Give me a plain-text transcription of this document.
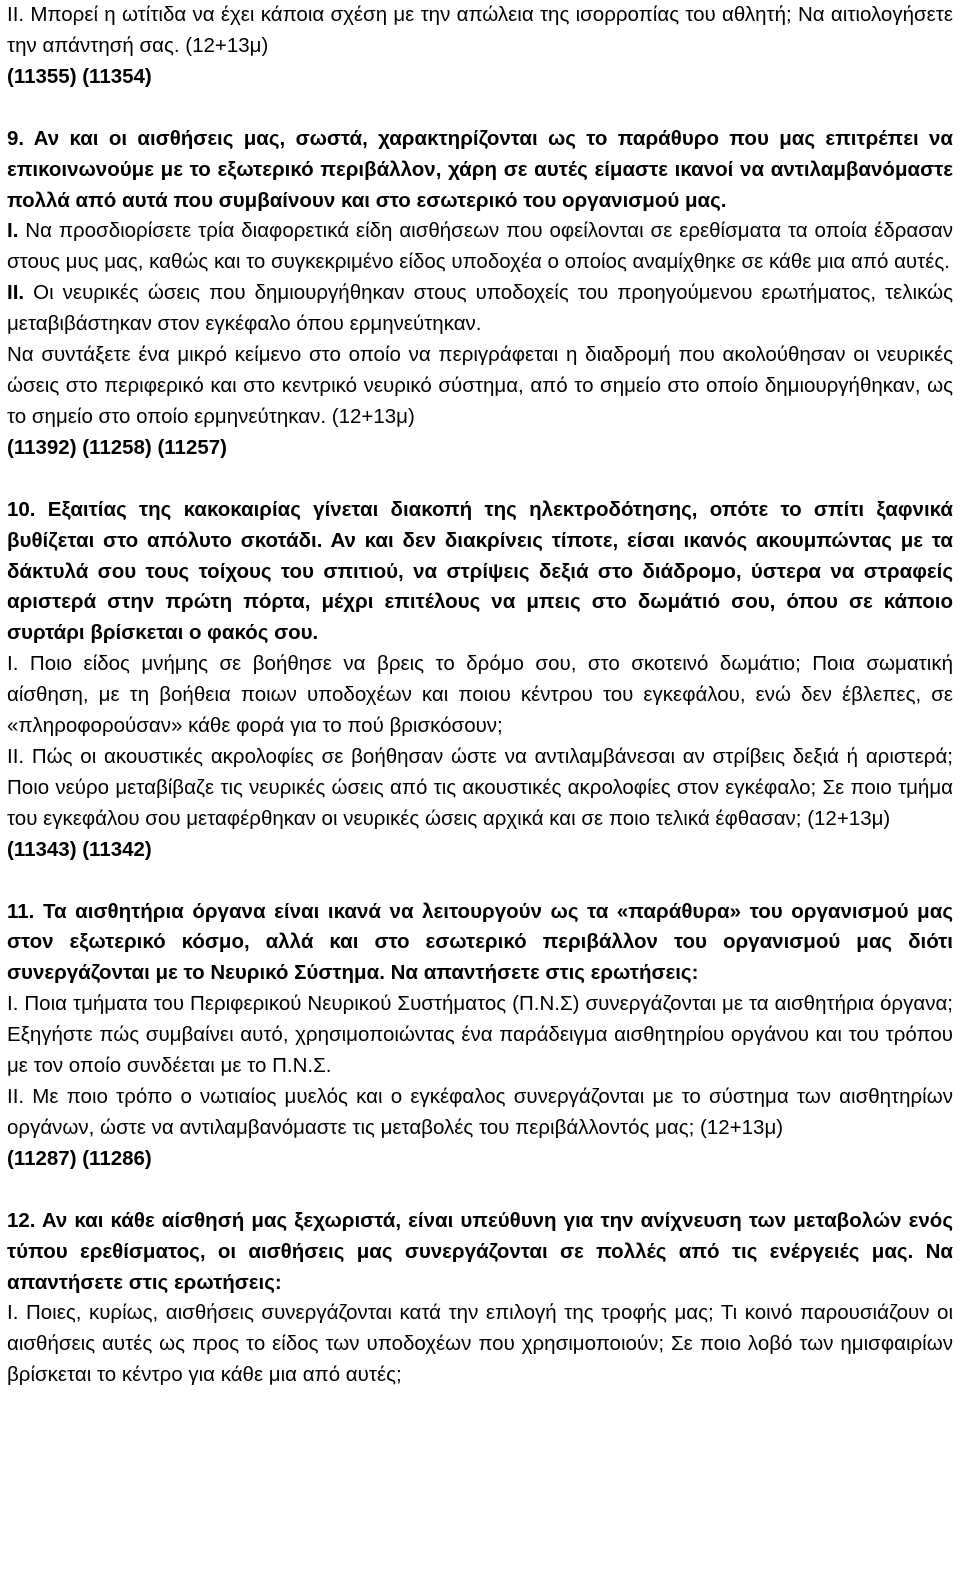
II. Μπορεί η ωτίτιδα να έχει κάποια σχέση με την απώλεια της ισορροπίας του αθλητή; Να αιτιολογήσετε την απάντησή σας. (12+13μ)

(11355) (11354)

9. Αν και οι αισθήσεις μας, σωστά, χαρακτηρίζονται ως το παράθυρο που μας επιτρέπει να επικοινωνούμε με το εξωτερικό περιβάλλον, χάρη σε αυτές είμαστε ικανοί να αντιλαμβανόμαστε πολλά από αυτά που συμβαίνουν και στο εσωτερικό του οργανισμού μας.

I. Να προσδιορίσετε τρία διαφορετικά είδη αισθήσεων που οφείλονται σε ερεθίσματα τα οποία έδρασαν στους μυς μας, καθώς και το συγκεκριμένο είδος υποδοχέα ο οποίος αναμίχθηκε σε κάθε μια από αυτές.

II. Οι νευρικές ώσεις που δημιουργήθηκαν στους υποδοχείς του προηγούμενου ερωτήματος, τελικώς μεταβιβάστηκαν στον εγκέφαλο όπου ερμηνεύτηκαν.

Να συντάξετε ένα μικρό κείμενο στο οποίο να περιγράφεται η διαδρομή που ακολούθησαν οι νευρικές ώσεις στο περιφερικό και στο κεντρικό νευρικό σύστημα, από το σημείο στο οποίο δημιουργήθηκαν, ως το σημείο στο οποίο ερμηνεύτηκαν. (12+13μ)

(11392) (11258) (11257)

10. Εξαιτίας της κακοκαιρίας γίνεται διακοπή της ηλεκτροδότησης, οπότε το σπίτι ξαφνικά βυθίζεται στο απόλυτο σκοτάδι. Αν και δεν διακρίνεις τίποτε, είσαι ικανός ακουμπώντας με τα δάκτυλά σου τους τοίχους του σπιτιού, να στρίψεις δεξιά στο διάδρομο, ύστερα να στραφείς αριστερά στην πρώτη πόρτα, μέχρι επιτέλους να μπεις στο δωμάτιό σου, όπου σε κάποιο συρτάρι βρίσκεται ο φακός σου.

I. Ποιο είδος μνήμης σε βοήθησε να βρεις το δρόμο σου, στο σκοτεινό δωμάτιο; Ποια σωματική αίσθηση, με τη βοήθεια ποιων υποδοχέων και ποιου κέντρου του εγκεφάλου, ενώ δεν έβλεπες, σε «πληροφορούσαν» κάθε φορά για το πού βρισκόσουν;

II. Πώς οι ακουστικές ακρολοφίες σε βοήθησαν ώστε να αντιλαμβάνεσαι αν στρίβεις δεξιά ή αριστερά; Ποιο νεύρο μεταβίβαζε τις νευρικές ώσεις από τις ακουστικές ακρολοφίες στον εγκέφαλο; Σε ποιο τμήμα του εγκεφάλου σου μεταφέρθηκαν οι νευρικές ώσεις αρχικά και σε ποιο τελικά έφθασαν; (12+13μ)

(11343) (11342)

11. Τα αισθητήρια όργανα είναι ικανά να λειτουργούν ως τα «παράθυρα» του οργανισμού μας στον εξωτερικό κόσμο, αλλά και στο εσωτερικό περιβάλλον του οργανισμού μας διότι συνεργάζονται με το Νευρικό Σύστημα. Να απαντήσετε στις ερωτήσεις:

I. Ποια τμήματα του Περιφερικού Νευρικού Συστήματος (Π.Ν.Σ) συνεργάζονται με τα αισθητήρια όργανα; Εξηγήστε πώς συμβαίνει αυτό, χρησιμοποιώντας ένα παράδειγμα αισθητηρίου οργάνου και του τρόπου με τον οποίο συνδέεται με το Π.Ν.Σ.

II. Με ποιο τρόπο ο νωτιαίος μυελός και ο εγκέφαλος συνεργάζονται με το σύστημα των αισθητηρίων οργάνων, ώστε να αντιλαμβανόμαστε τις μεταβολές του περιβάλλοντός μας; (12+13μ)

(11287) (11286)

12. Αν και κάθε αίσθησή μας ξεχωριστά, είναι υπεύθυνη για την ανίχνευση των μεταβολών ενός τύπου ερεθίσματος, οι αισθήσεις μας συνεργάζονται σε πολλές από τις ενέργειές μας. Να απαντήσετε στις ερωτήσεις:

I. Ποιες, κυρίως, αισθήσεις συνεργάζονται κατά την επιλογή της τροφής μας; Τι κοινό παρουσιάζουν οι αισθήσεις αυτές ως προς το είδος των υποδοχέων που χρησιμοποιούν; Σε ποιο λοβό των ημισφαιρίων βρίσκεται το κέντρο για κάθε μια από αυτές;
